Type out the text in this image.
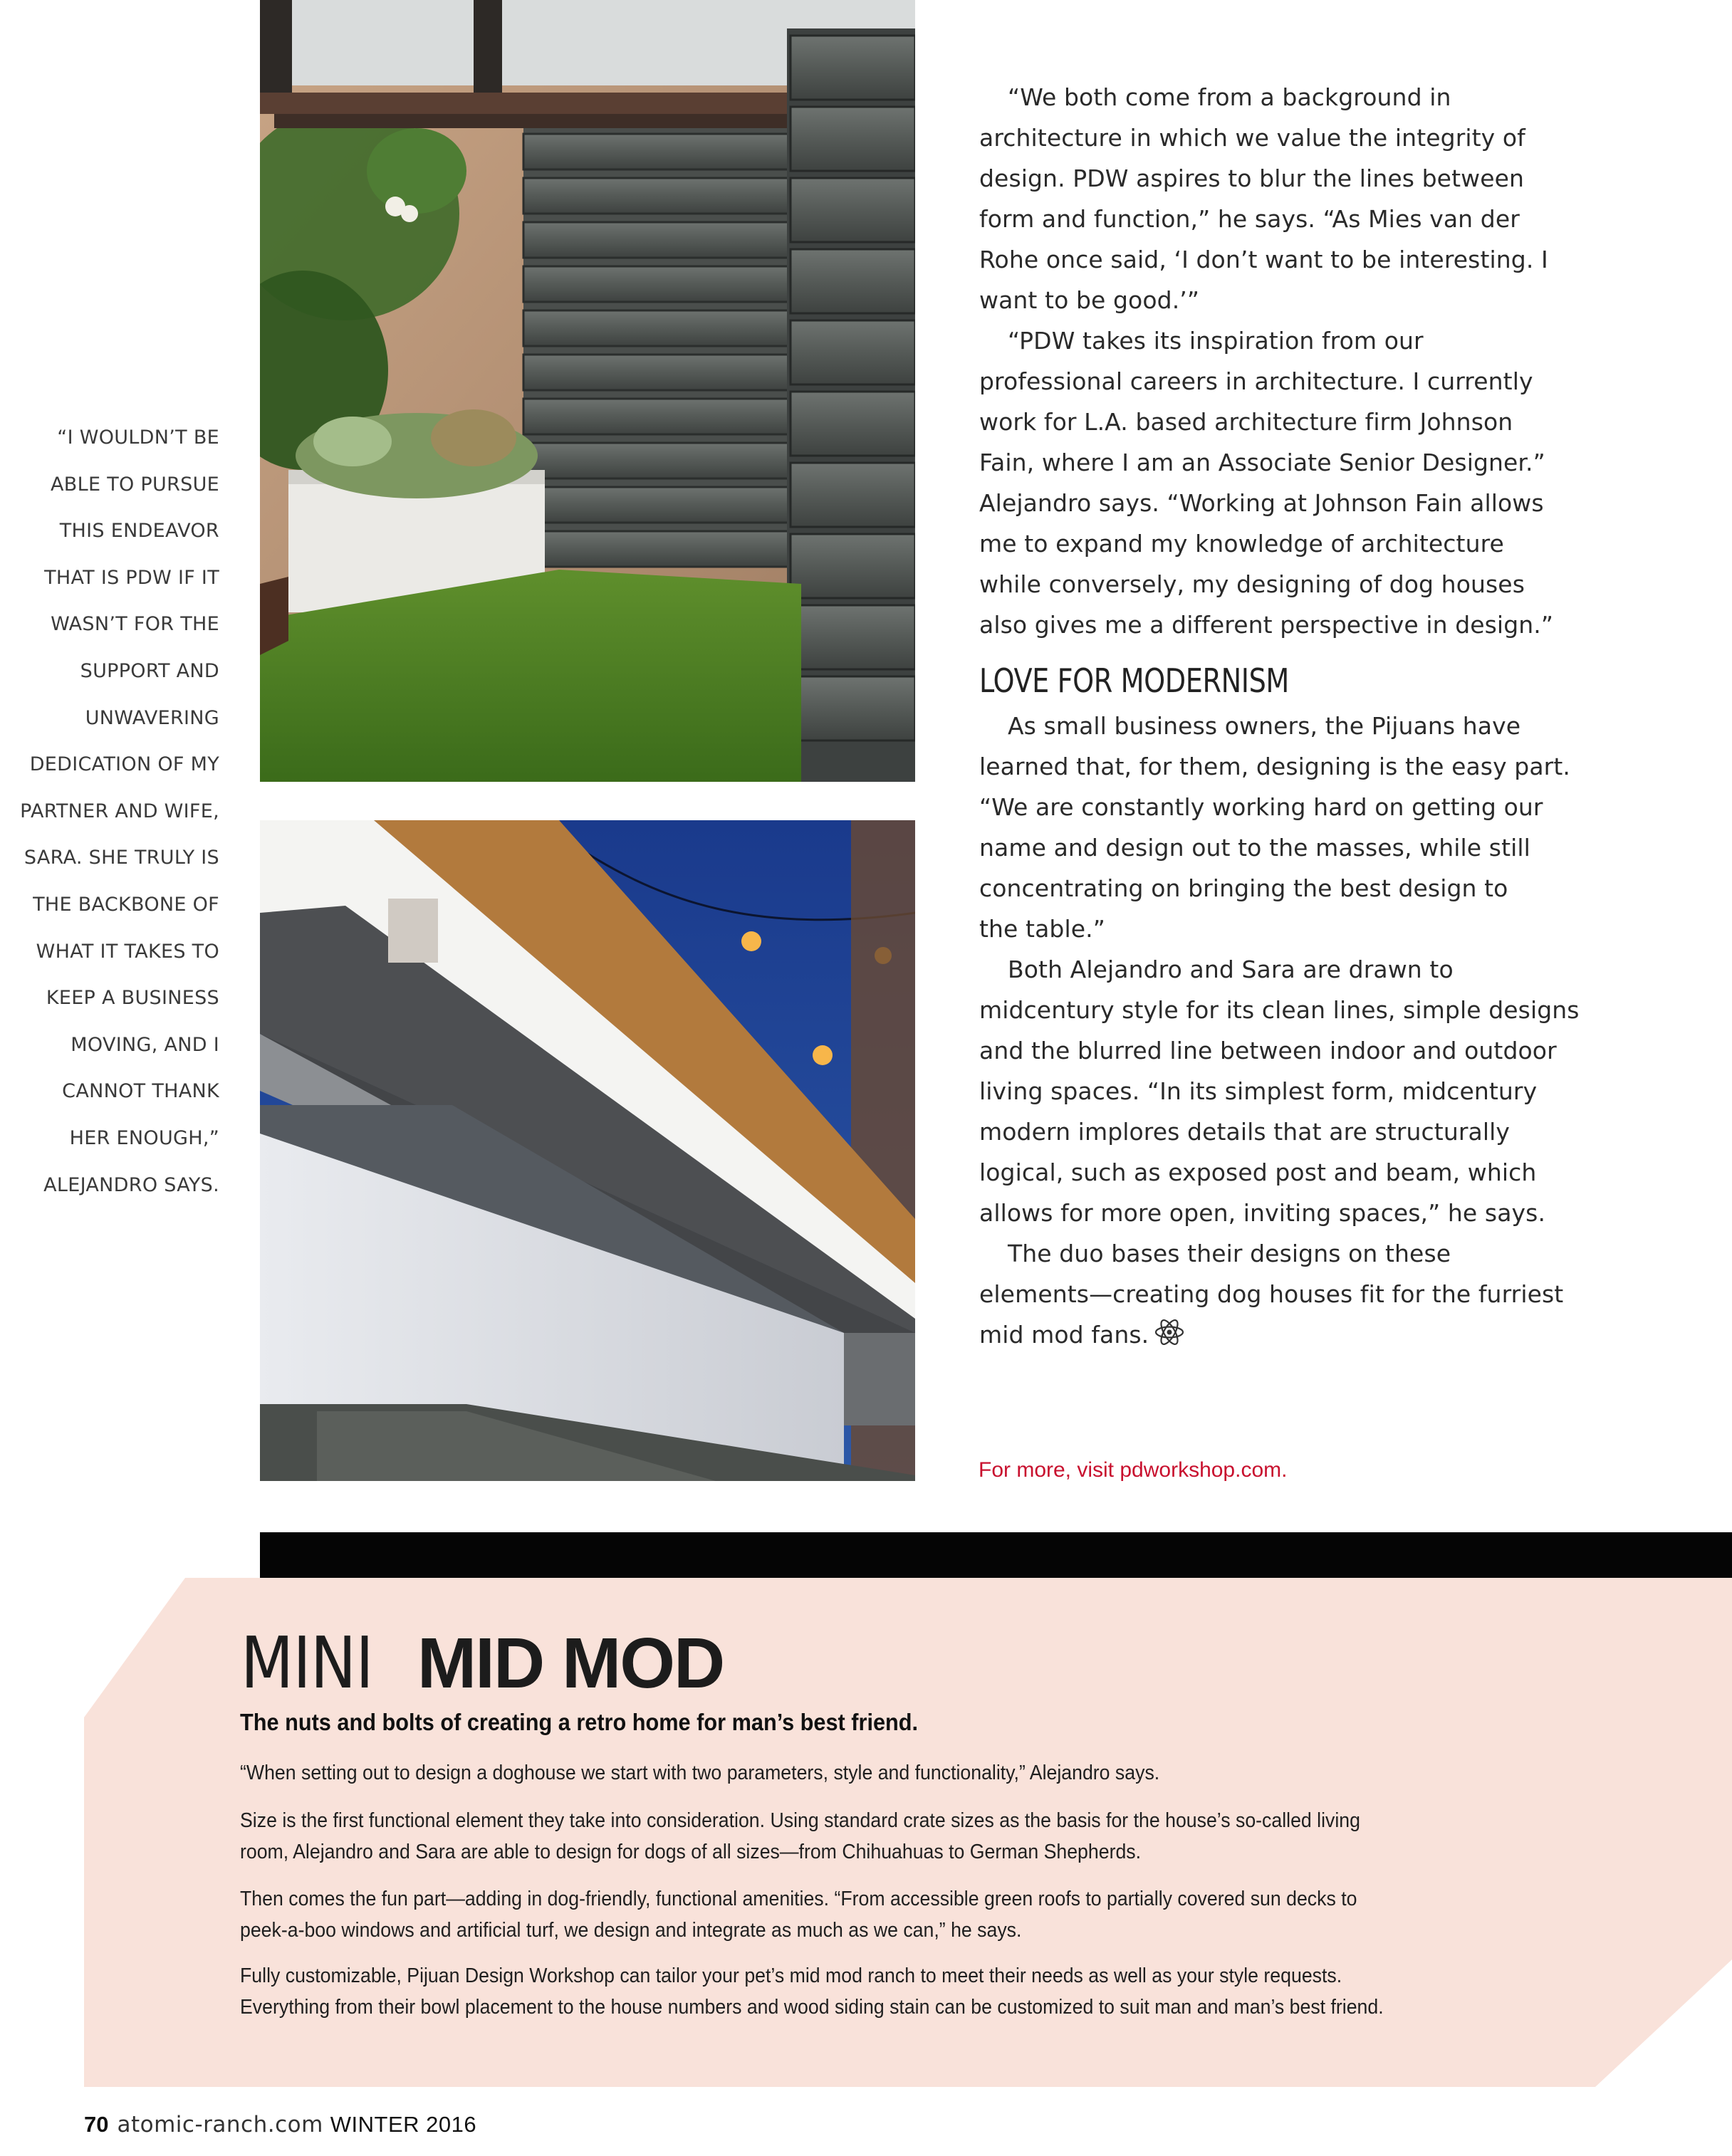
“I WOULDN’T BE
ABLE TO PURSUE
THIS ENDEAVOR
THAT IS PDW IF IT
WASN’T FOR THE
SUPPORT AND
UNWAVERING
DEDICATION OF MY
PARTNER AND WIFE,
SARA. SHE TRULY IS
THE BACKBONE OF
WHAT IT TAKES TO
KEEP A BUSINESS
MOVING, AND I
CANNOT THANK
HER ENOUGH,”
ALEJANDRO SAYS.
“We both come from a background in
architecture in which we value the integrity of
design. PDW aspires to blur the lines between
form and function,” he says. “As Mies van der
Rohe once said, ‘I don’t want to be interesting. I
want to be good.’”
“PDW takes its inspiration from our
professional careers in architecture. I currently
work for L.A. based architecture firm Johnson
Fain, where I am an Associate Senior Designer.”
Alejandro says. “Working at Johnson Fain allows
me to expand my knowledge of architecture
while conversely, my designing of dog houses
also gives me a different perspective in design.”
LOVE FOR MODERNISM
As small business owners, the Pijuans have
learned that, for them, designing is the easy part.
“We are constantly working hard on getting our
name and design out to the masses, while still
concentrating on bringing the best design to
the table.”
Both Alejandro and Sara are drawn to
midcentury style for its clean lines, simple designs
and the blurred line between indoor and outdoor
living spaces. “In its simplest form, midcentury
modern implores details that are structurally
logical, such as exposed post and beam, which
allows for more open, inviting spaces,” he says.
The duo bases their designs on these
elements—creating dog houses fit for the furriest
mid mod fans.
For more, visit pdworkshop.com.
MINI MID MOD
The nuts and bolts of creating a retro home for man’s best friend.
“When setting out to design a doghouse we start with two parameters, style and functionality,” Alejandro says.
Size is the first functional element they take into consideration. Using standard crate sizes as the basis for the house’s so-called living
room, Alejandro and Sara are able to design for dogs of all sizes—from Chihuahuas to German Shepherds.
Then comes the fun part—adding in dog-friendly, functional amenities. “From accessible green roofs to partially covered sun decks to
peek-a-boo windows and artificial turf, we design and integrate as much as we can,” he says.
Fully customizable, Pijuan Design Workshop can tailor your pet’s mid mod ranch to meet their needs as well as your style requests.
Everything from their bowl placement to the house numbers and wood siding stain can be customized to suit man and man’s best friend.
70 atomic-ranch.com WINTER 2016
